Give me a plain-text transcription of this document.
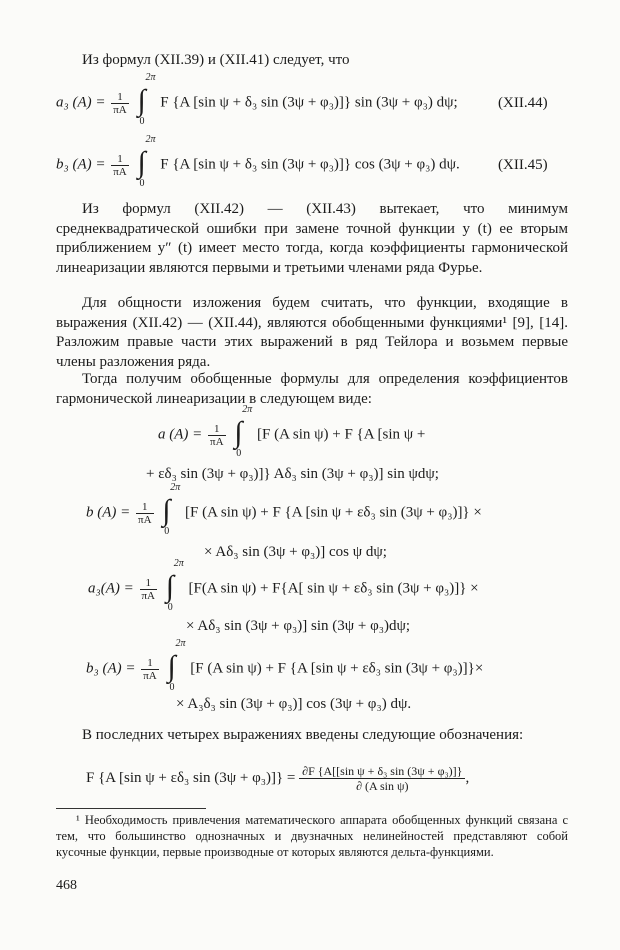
Из формул (XII.39) и (XII.41) следует, что
a₃ $(A) = \frac{1}{\pi A}$
∫
2π
0
F {A [sin ψ + δ₃ sin (3ψ + φ₃)]} sin (3ψ + φ₃) dψ;	(XII.44)
b₃ $(A) = \frac{1}{\pi A}$
∫
2π
0
F {A [sin ψ + δ₃ sin (3ψ + φ₃)]} cos (3ψ + φ₃) dψ.	(XII.45)
Из формул (XII.42) — (XII.43) вытекает, что минимум среднеквадратической ошибки при замене точной функции y (t) ее вторым приближением y″ (t) имеет место тогда, когда коэффициенты гармонической линеаризации являются первыми и третьими членами ряда Фурье.
Для общности изложения будем считать, что функции, входящие в выражения (XII.42) — (XII.44), являются обобщенными функциями¹ [9], [14]. Разложим правые части этих выражений в ряд Тейлора и возьмем первые члены разложения ряда.
Тогда получим обобщенные формулы для определения коэффициентов гармонической линеаризации в следующем виде:
a $(A) = \frac{1}{\pi A}$
∫
2π
0
[F (A sin ψ) + F {A [sin ψ +
+ εδ₃ sin (3ψ + φ₃)]} Aδ₃ sin (3ψ + φ₃)] sin ψdψ;
b $(A) = \frac{1}{\pi A}$
∫
2π
0
[F (A sin ψ) + F {A [sin ψ + εδ₃ sin (3ψ + φ₃)]} ×
× Aδ₃ sin (3ψ + φ₃)] cos ψ dψ;
$a_3(A) = \frac{1}{\pi A}$
∫
2π
0
[F(A sin ψ) + F{A[ sin ψ + εδ₃ sin (3ψ + φ₃)]} ×
× Aδ₃ sin (3ψ + φ₃)] sin (3ψ + φ₃)dψ;
b₃ $(A) = \frac{1}{\pi A}$
∫
2π
0
[F (A sin ψ) + F {A [sin ψ + εδ₃ sin (3ψ + φ₃)]}×
× A₃δ₃ sin (3ψ + φ₃)] cos (3ψ + φ₃) dψ.
В последних четырех выражениях введены следующие обозначения:
F {A [sin ψ + εδ₃ $\sin (3\psi + \varphi_3)]\} = \frac{\text{∂F \{A[[sin ψ + δ₃ sin (3ψ + φ₃)]\}}}{\text{∂ (A sin ψ)}}$ ,
¹ Необходимость привлечения математического аппарата обобщенных функций связана с тем, что большинство однозначных и двузначных нелинейностей представляют собой кусочные функции, первые производные от которых являются дельта-функциями.
468
